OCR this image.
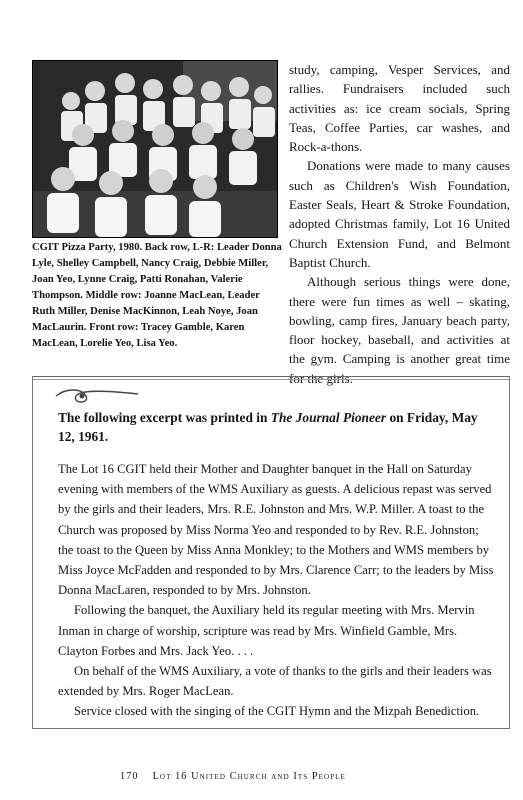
CGIT Pizza Party, 1980. Back row, L-R: Leader Donna Lyle, Shelley Campbell, Nancy Craig, Debbie Miller, Joan Yeo, Lynne Craig, Patti Ronahan, Valerie Thompson. Middle row: Joanne MacLean, Leader Ruth Miller, Denise MacKinnon, Leah Noye, Joan MacLaurin. Front row: Tracey Gamble, Karen MacLean, Lorelie Yeo, Lisa Yeo.

study, camping, Vesper Services, and rallies. Fundraisers included such activities as: ice cream socials, Spring Teas, Coffee Parties, car washes, and Rock-a-thons.

Donations were made to many causes such as Children's Wish Foundation, Easter Seals, Heart & Stroke Foundation, adopted Christmas family, Lot 16 United Church Extension Fund, and Belmont Baptist Church.

Although serious things were done, there were fun times as well – skating, bowling, camp fires, January beach party, floor hockey, baseball, and activities at the gym. Camping is another great time

The following excerpt was printed in The Journal Pioneer on Friday, May 12, 1961.

The Lot 16 CGIT held their Mother and Daughter banquet in the Hall on Saturday evening with members of the WMS Auxiliary as guests. A delicious repast was served by the girls and their leaders, Mrs. R.E. Johnston and Mrs. W.P. Miller. A toast to the Church was proposed by Miss Norma Yeo and responded to by Rev. R.E. Johnston; the toast to the Queen by Miss Anna Monkley; to the Mothers and WMS members by Miss Joyce McFadden and responded to by Mrs. Clarence Carr; to the leaders by Miss Donna MacLaren, responded to by Mrs. Johnston.

Following the banquet, the Auxiliary held its regular meeting with Mrs. Mervin Inman in charge of worship, scripture was read by Mrs. Winfield Gamble, Mrs. Clayton Forbes and Mrs. Jack Yeo. . . .

On behalf of the WMS Auxiliary, a vote of thanks to the girls and their leaders was extended by Mrs. Roger MacLean.

Service closed with the singing of the CGIT Hymn and the Mizpah Benediction.

170 Lot 16 United Church and Its People
